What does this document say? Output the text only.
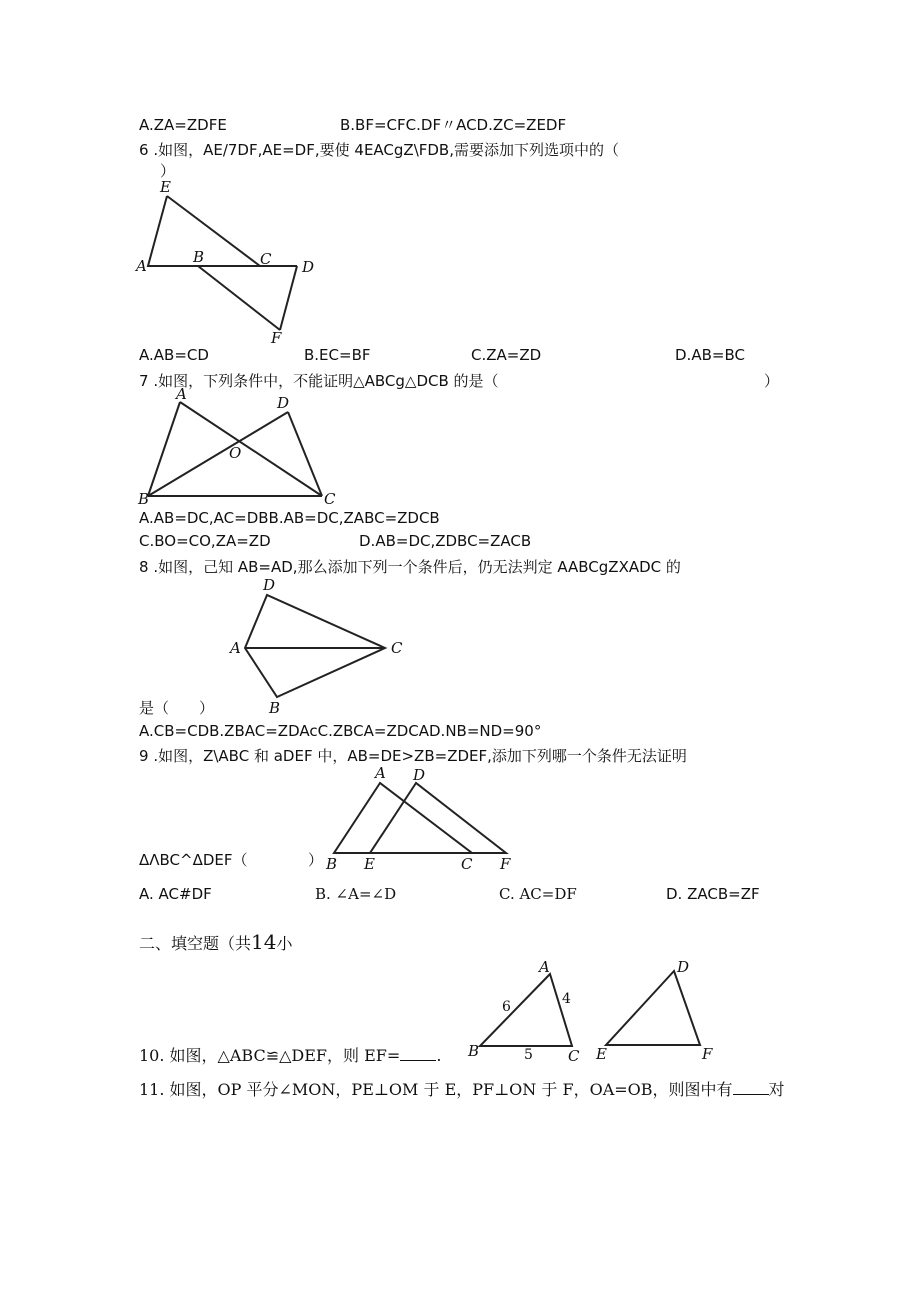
A.ZA=ZDFE	B.BF=CFC.DF〃ACD.ZC=ZEDF
6 .如图，AE/7DF,AE=DF,要使 4EACgZ\FDB,需要添加下列选项中的（
）
E
A	B	C D
F
A.AB=CD	B.EC=BF	C.ZA=ZD	D.AB=BC
7 .如图，下列条件中，不能证明△ABCg△DCB 的是（	）
A	D
O
B	C
A.AB=DC,AC=DBB.AB=DC,ZABC=ZDCB
C.BO=CO,ZA=ZD	D.AB=DC,ZDBC=ZACB
8 .如图，己知 AB=AD,那么添加下列一个条件后，仍无法判定 AABCgZXADC 的
D
A	C
B
是（　　）
A.CB=CDB.ZBAC=ZDAcC.ZBCA=ZDCAD.NB=ND=90°
9 .如图，Z\ABC 和 aDEF 中，AB=DE>ZB=ZDEF,添加下列哪一个条件无法证明
A D
B E	C F
ΔΛBC^ΔDEF（	）
A. AC#DF	B. ∠A=∠D	C. AC=DF	D. ZACB=ZF
二、填空题（共14小
A
B	C
6	4
5
D
E	F
10. 如图，△ABC≌△DEF，则 EF= .
11. 如图，OP 平分∠MON，PE⊥OM 于 E，PF⊥ON 于 F，OA=OB，则图中有 对
